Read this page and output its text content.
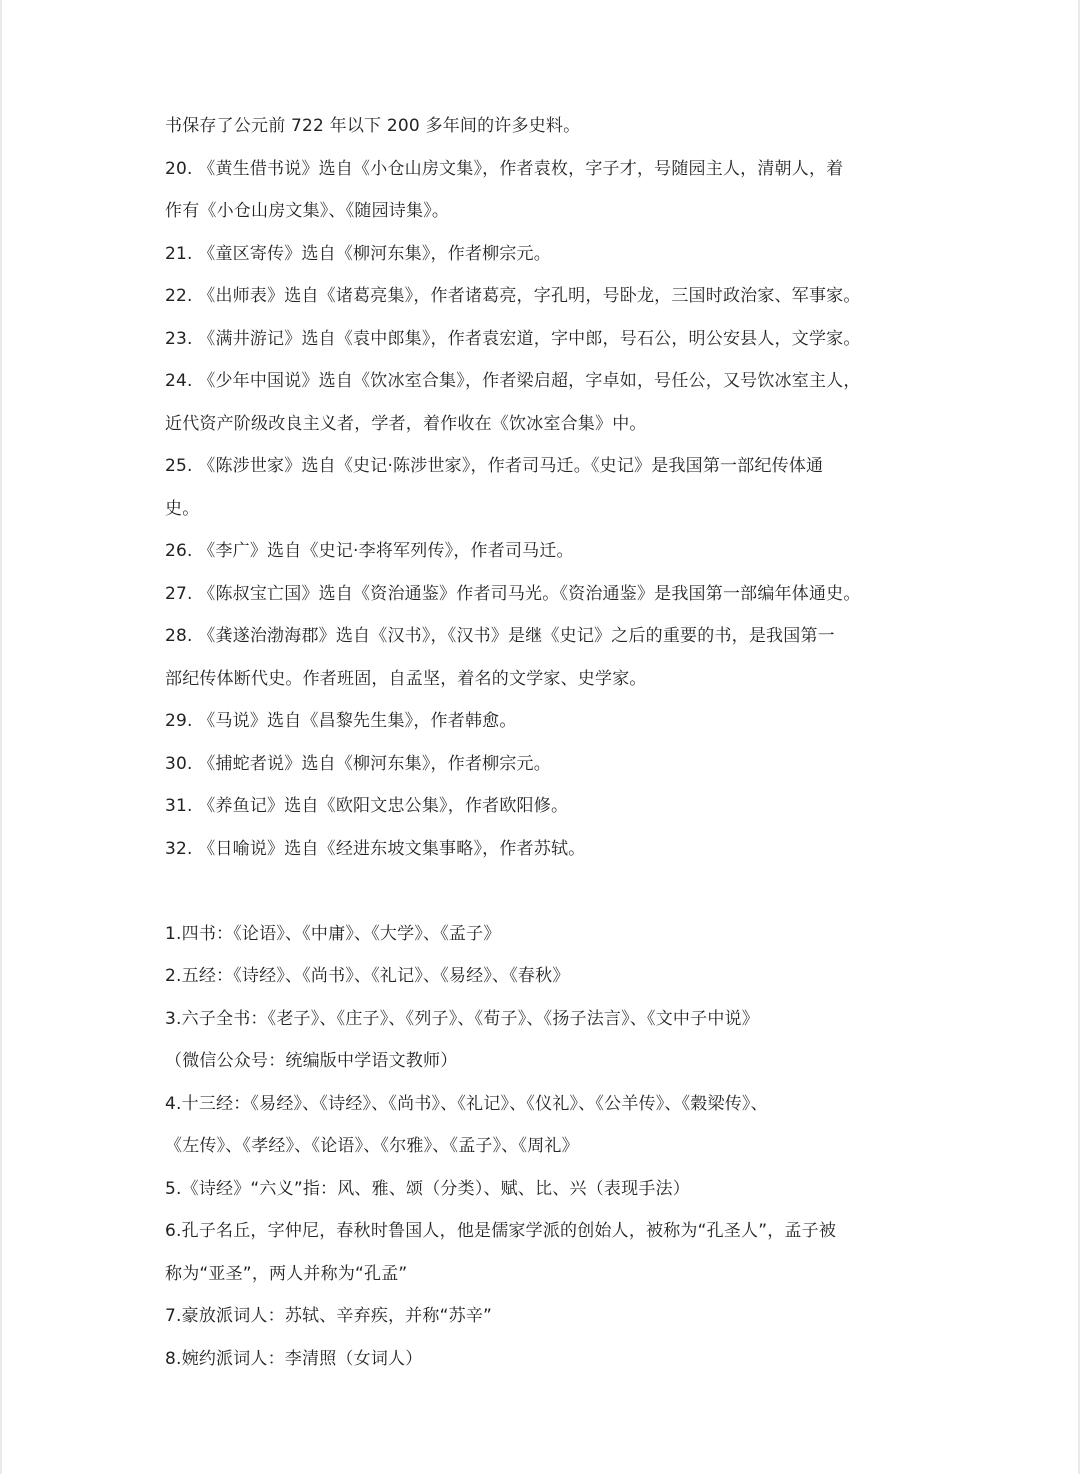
书保存了公元前 722 年以下 200 多年间的许多史料。
20. 《黄生借书说》选自《小仓山房文集》，作者袁枚，字子才，号随园主人，清朝人，着
作有《小仓山房文集》、《随园诗集》。
21. 《童区寄传》选自《柳河东集》，作者柳宗元。
22. 《出师表》选自《诸葛亮集》，作者诸葛亮，字孔明，号卧龙，三国时政治家、军事家。
23. 《满井游记》选自《袁中郎集》，作者袁宏道，字中郎，号石公，明公安县人，文学家。
24. 《少年中国说》选自《饮冰室合集》，作者梁启超，字卓如，号任公，又号饮冰室主人，
近代资产阶级改良主义者，学者，着作收在《饮冰室合集》中。
25. 《陈涉世家》选自《史记·陈涉世家》，作者司马迁。《史记》是我国第一部纪传体通
史。
26. 《李广》选自《史记·李将军列传》，作者司马迁。
27. 《陈叔宝亡国》选自《资治通鉴》作者司马光。《资治通鉴》是我国第一部编年体通史。
28. 《龚遂治渤海郡》选自《汉书》，《汉书》是继《史记》之后的重要的书，是我国第一
部纪传体断代史。作者班固，自孟坚，着名的文学家、史学家。
29. 《马说》选自《昌黎先生集》，作者韩愈。
30. 《捕蛇者说》选自《柳河东集》，作者柳宗元。
31. 《养鱼记》选自《欧阳文忠公集》，作者欧阳修。
32. 《日喻说》选自《经进东坡文集事略》，作者苏轼。
1.四书：《论语》、《中庸》、《大学》、《孟子》
2.五经：《诗经》、《尚书》、《礼记》、《易经》、《春秋》
3.六子全书：《老子》、《庄子》、《列子》、《荀子》、《扬子法言》、《文中子中说》
（微信公众号：统编版中学语文教师）
4.十三经：《易经》、《诗经》、《尚书》、《礼记》、《仪礼》、《公羊传》、《穀梁传》、
《左传》、《孝经》、《论语》、《尔雅》、《孟子》、《周礼》
5.《诗经》“六义”指：风、雅、颂（分类）、赋、比、兴（表现手法）
6.孔子名丘，字仲尼，春秋时鲁国人，他是儒家学派的创始人，被称为“孔圣人”，孟子被
称为“亚圣”，两人并称为“孔孟”
7.豪放派词人：苏轼、辛弃疾，并称“苏辛”
8.婉约派词人：李清照（女词人）
